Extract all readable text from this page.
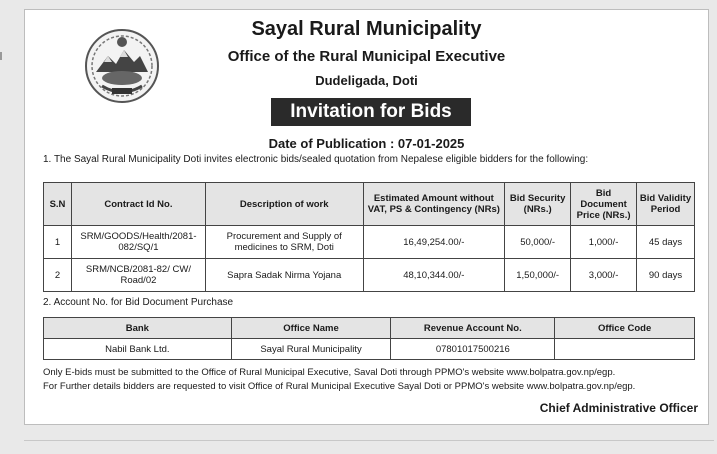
Sayal Rural Municipality
Office of the Rural Municipal Executive
Dudeligada, Doti
Invitation for Bids
Date of Publication : 07-01-2025
1. The Sayal Rural Municipality Doti invites electronic bids/sealed quotation from Nepalese eligible bidders for the following:
S.N	Contract Id No.	Description of work	Estimated Amount without VAT, PS & Contingency (NRs)	Bid Security (NRs.)	Bid Document Price (NRs.)	Bid Validity Period
1	SRM/GOODS/Health/2081-082/SQ/1	Procurement and Supply of medicines to SRM, Doti	16,49,254.00/-	50,000/-	1,000/-	45 days
2	SRM/NCB/2081-82/ CW/ Road/02	Sapra Sadak Nirma Yojana	48,10,344.00/-	1,50,000/-	3,000/-	90 days
2. Account No. for Bid Document Purchase
Bank	Office Name	Revenue Account No.	Office Code
Nabil Bank Ltd.	Sayal Rural Municipality	07801017500216	
Only E-bids must be submitted to the Office of Rural Municipal Executive, Saval Doti through PPMO's website www.bolpatra.gov.np/egp.
For Further details bidders are requested to visit Office of Rural Municipal Executive Sayal Doti or PPMO's website www.bolpatra.gov.np/egp.
Chief Administrative Officer
